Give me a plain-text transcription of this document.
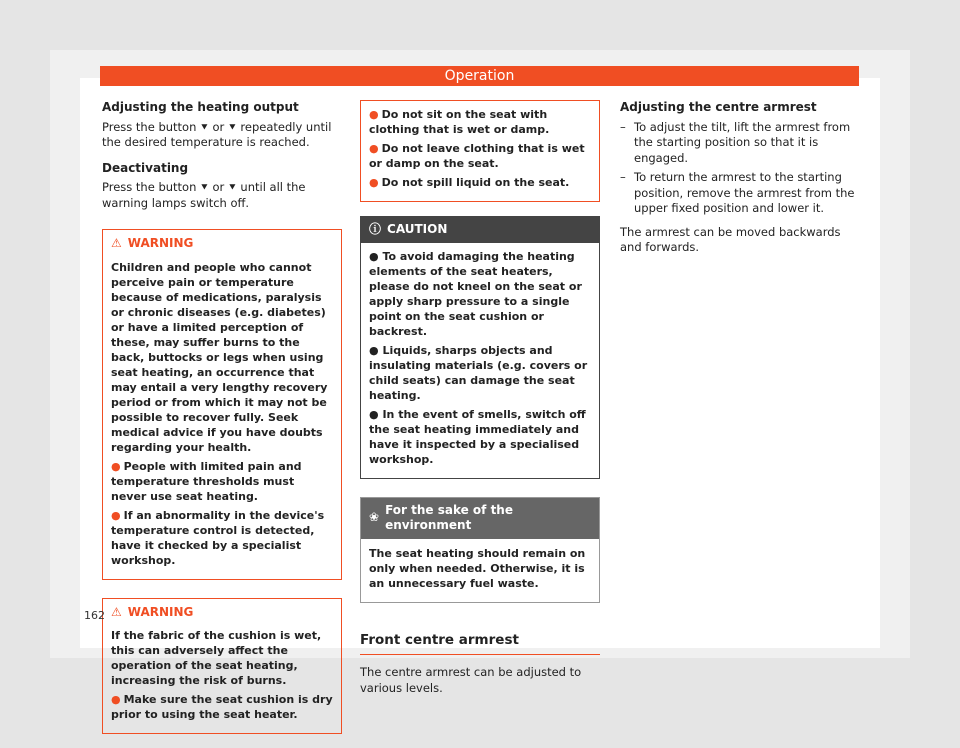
Operation
Adjusting the heating output

Press the button ⯆ or ⯆ repeatedly until the desired temperature is reached.

Deactivating

Press the button ⯆ or ⯆ until all the warning lamps switch off.

⚠ WARNING

Children and people who cannot perceive pain or temperature because of medications, paralysis or chronic diseases (e.g. diabetes) or have a limited perception of these, may suffer burns to the back, buttocks or legs when using seat heating, an occurrence that may entail a very lengthy recovery period or from which it may not be possible to recover fully. Seek medical advice if you have doubts regarding your health.

● People with limited pain and temperature thresholds must never use seat heating.

● If an abnormality in the device's temperature control is detected, have it checked by a specialist workshop.

⚠ WARNING

If the fabric of the cushion is wet, this can adversely affect the operation of the seat heating, increasing the risk of burns.

● Make sure the seat cushion is dry prior to using the seat heater.

● Do not sit on the seat with clothing that is wet or damp.

● Do not leave clothing that is wet or damp on the seat.

● Do not spill liquid on the seat.

ⓘ CAUTION

● To avoid damaging the heating elements of the seat heaters, please do not kneel on the seat or apply sharp pressure to a single point on the seat cushion or backrest.

● Liquids, sharps objects and insulating materials (e.g. covers or child seats) can damage the seat heating.

● In the event of smells, switch off the seat heating immediately and have it inspected by a specialised workshop.

❀
For the sake of the environment

The seat heating should remain on only when needed. Otherwise, it is an unnecessary fuel waste.

Front centre armrest

The centre armrest can be adjusted to various levels.

Adjusting the centre armrest
– To adjust the tilt, lift the armrest from the starting position so that it is engaged.
– To return the armrest to the starting position, remove the armrest from the upper fixed position and lower it.

The armrest can be moved backwards and forwards.

162
